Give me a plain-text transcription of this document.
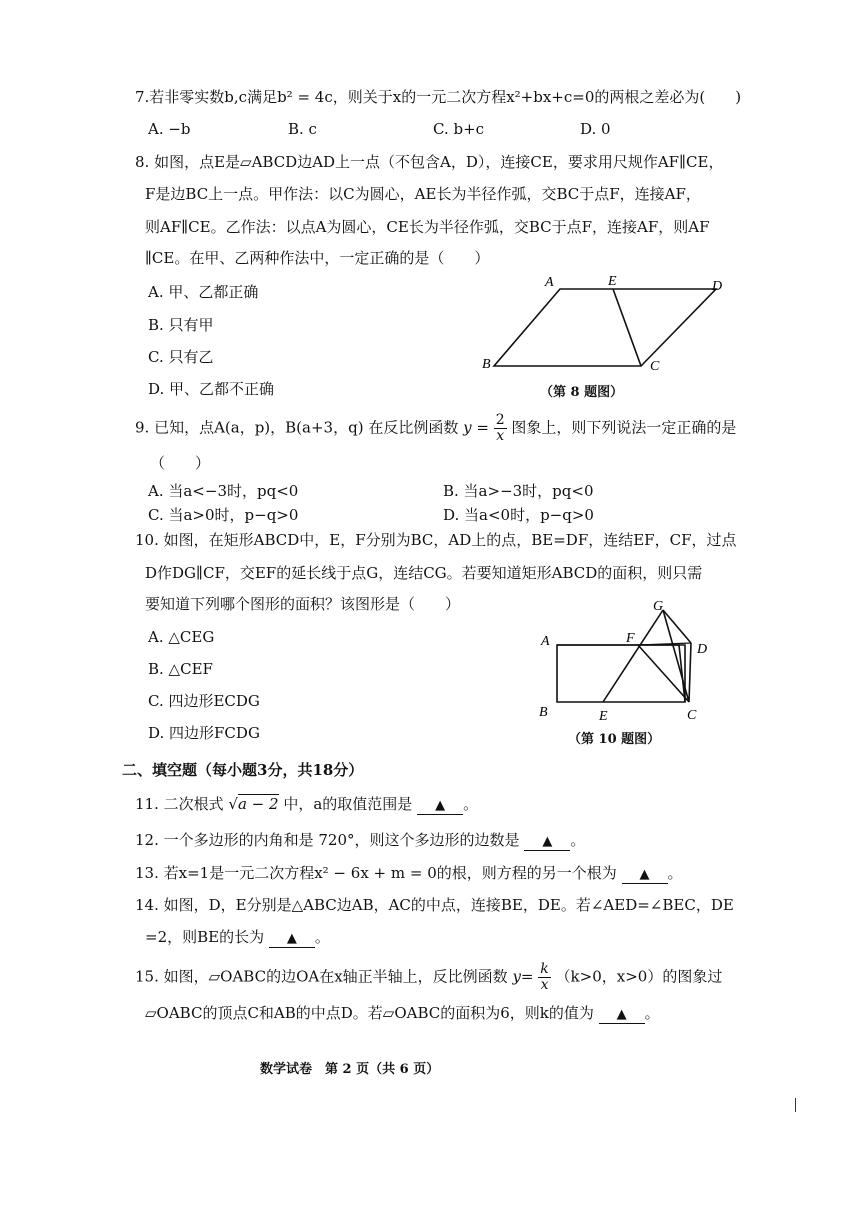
7.若非零实数b,c满足b² = 4c，则关于x的一元二次方程x²+bx+c=0的两根之差必为(　　)
A. −b	B. c	C. b+c	D. 0
8. 如图，点E是▱ABCD边AD上一点（不包含A，D），连接CE，要求用尺规作AF∥CE，
F是边BC上一点。甲作法：以C为圆心，AE长为半径作弧，交BC于点F，连接AF，
则AF∥CE。乙作法：以点A为圆心，CE长为半径作弧，交BC于点F，连接AF，则AF
∥CE。在甲、乙两种作法中，一定正确的是（　　）
A. 甲、乙都正确
B. 只有甲
C. 只有乙
D. 甲、乙都不正确
A	E	D
B	C
（第 8 题图）
9. 已知，点A(a，p)，B(a+3，q) 在反比例函数 $y = \frac{2}{x}$ 图象上，则下列说法一定正确的是
（　　）
A. 当a<−3时，pq<0	B. 当a>−3时，pq<0
C. 当a>0时，p−q>0	D. 当a<0时，p−q>0
10. 如图，在矩形ABCD中，E，F分别为BC，AD上的点，BE=DF，连结EF，CF，过点
D作DG∥CF，交EF的延长线于点G，连结CG。若要知道矩形ABCD的面积，则只需
要知道下列哪个图形的面积？该图形是（　　）
A. △CEG
B. △CEF
C. 四边形ECDG
D. 四边形FCDG
G
A	F
D
B	E	C
（第 10 题图）
二、填空题（每小题3分，共18分）
11. 二次根式 √a − 2 中，a的取值范围是 ▲ 。
12. 一个多边形的内角和是 720°，则这个多边形的边数是 ▲ 。
13. 若x=1是一元二次方程x² − 6x + m = 0的根，则方程的另一个根为 ▲ 。
14. 如图，D，E分别是△ABC边AB，AC的中点，连接BE，DE。若∠AED=∠BEC，DE
=2，则BE的长为 ▲ 。
15. 如图，▱OABC的边OA在x轴正半轴上，反比例函数 $y= \frac{k}{x} (k>0$，x>0）的图象过
▱OABC的顶点C和AB的中点D。若▱OABC的面积为6，则k的值为 ▲ 。
数学试卷　第 2 页（共 6 页）
